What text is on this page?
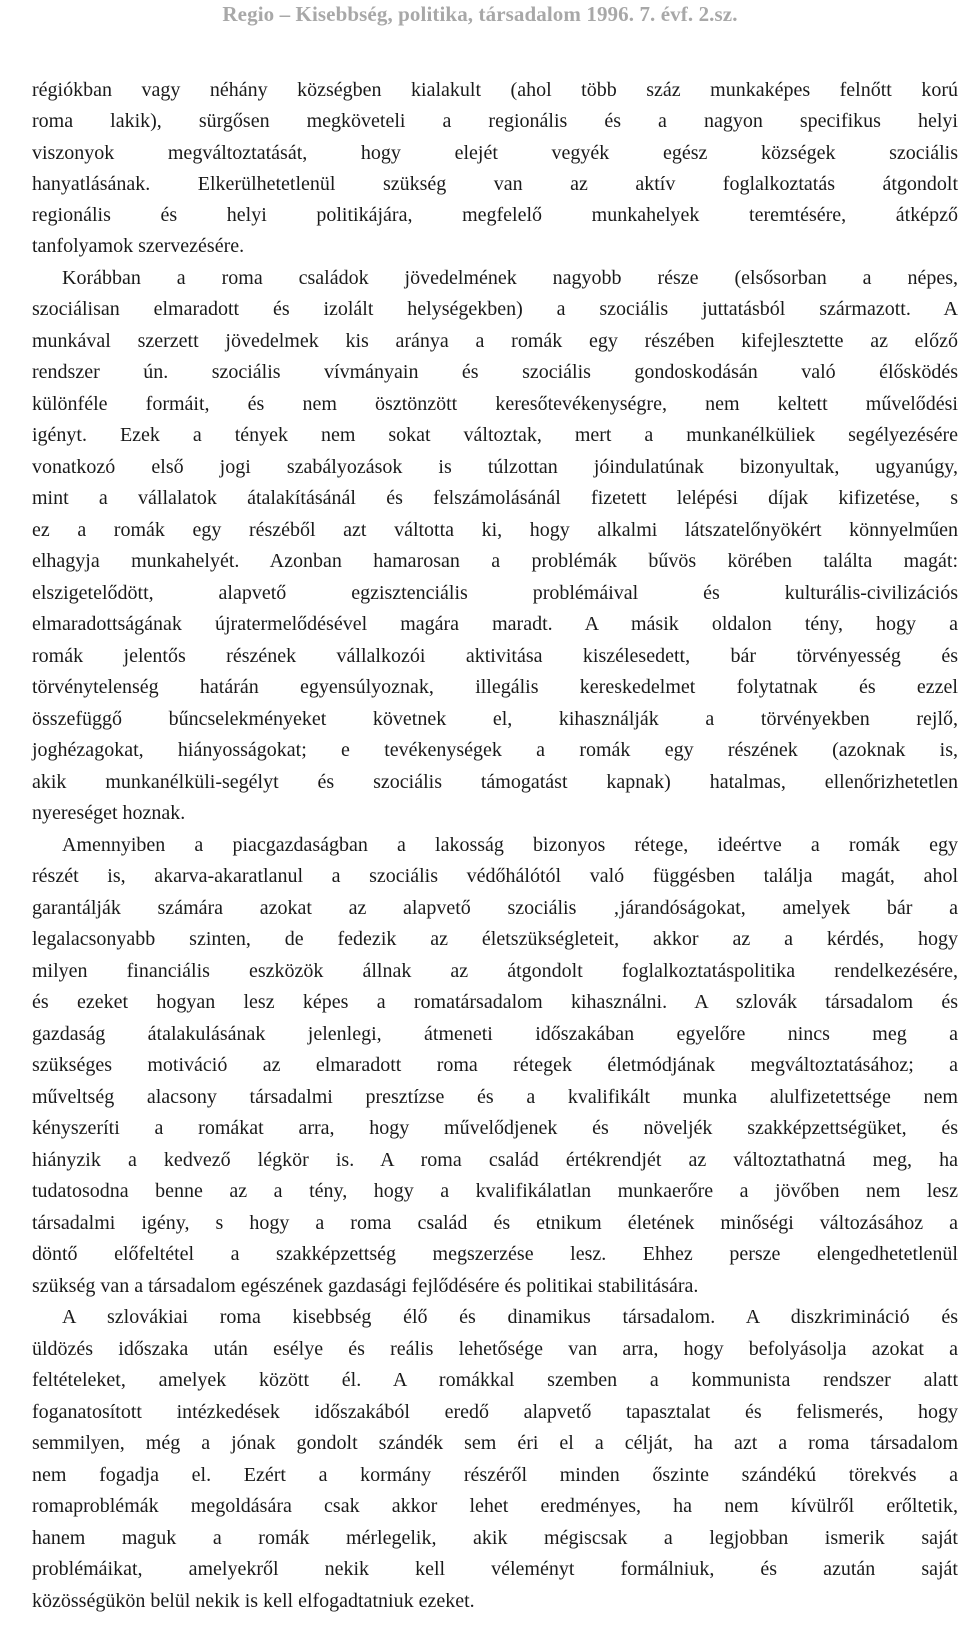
Regio – Kisebbség, politika, társadalom 1996. 7. évf. 2.sz.
régiókban vagy néhány községben kialakult (ahol több száz munkaképes felnőtt korú
roma lakik), sürgősen megköveteli a regionális és a nagyon specifikus helyi
viszonyok megváltoztatását, hogy elejét vegyék egész községek szociális
hanyatlásának. Elkerülhetetlenül szükség van az aktív foglalkoztatás átgondolt
regionális és helyi politikájára, megfelelő munkahelyek teremtésére, átképző
tanfolyamok szervezésére.
Korábban a roma családok jövedelmének nagyobb része (elsősorban a népes,
szociálisan elmaradott és izolált helységekben) a szociális juttatásból származott. A
munkával szerzett jövedelmek kis aránya a romák egy részében kifejlesztette az előző
rendszer ún. szociális vívmányain és szociális gondoskodásán való élősködés
különféle formáit, és nem ösztönzött keresőtevékenységre, nem keltett művelődési
igényt. Ezek a tények nem sokat változtak, mert a munkanélküliek segélyezésére
vonatkozó első jogi szabályozások is túlzottan jóindulatúnak bizonyultak, ugyanúgy,
mint a vállalatok átalakításánál és felszámolásánál fizetett lelépési díjak kifizetése, s
ez a romák egy részéből azt váltotta ki, hogy alkalmi látszatelőnyökért könnyelműen
elhagyja munkahelyét. Azonban hamarosan a problémák bűvös körében találta magát:
elszigetelődött, alapvető egzisztenciális problémáival és kulturális-civilizációs
elmaradottságának újratermelődésével magára maradt. A másik oldalon tény, hogy a
romák jelentős részének vállalkozói aktivitása kiszélesedett, bár törvényesség és
törvénytelenség határán egyensúlyoznak, illegális kereskedelmet folytatnak és ezzel
összefüggő bűncselekményeket követnek el, kihasználják a törvényekben rejlő,
joghézagokat, hiányosságokat; e tevékenységek a romák egy részének (azoknak is,
akik munkanélküli-segélyt és szociális támogatást kapnak) hatalmas, ellenőrizhetetlen
nyereséget hoznak.
Amennyiben a piacgazdaságban a lakosság bizonyos rétege, ideértve a romák egy
részét is, akarva-akaratlanul a szociális védőhálótól való függésben találja magát, ahol
garantálják számára azokat az alapvető szociális ‚járandóságokat, amelyek bár a
legalacsonyabb szinten, de fedezik az életszükségleteit, akkor az a kérdés, hogy
milyen financiális eszközök állnak az átgondolt foglalkoztatáspolitika rendelkezésére,
és ezeket hogyan lesz képes a romatársadalom kihasználni. A szlovák társadalom és
gazdaság átalakulásának jelenlegi, átmeneti időszakában egyelőre nincs meg a
szükséges motiváció az elmaradott roma rétegek életmódjának megváltoztatásához; a
műveltség alacsony társadalmi presztízse és a kvalifikált munka alulfizetettsége nem
kényszeríti a romákat arra, hogy művelődjenek és növeljék szakképzettségüket, és
hiányzik a kedvező légkör is. A roma család értékrendjét az változtathatná meg, ha
tudatosodna benne az a tény, hogy a kvalifikálatlan munkaerőre a jövőben nem lesz
társadalmi igény, s hogy a roma család és etnikum életének minőségi változásához a
döntő előfeltétel a szakképzettség megszerzése lesz. Ehhez persze elengedhetetlenül
szükség van a társadalom egészének gazdasági fejlődésére és politikai stabilitására.
A szlovákiai roma kisebbség élő és dinamikus társadalom. A diszkrimináció és
üldözés időszaka után esélye és reális lehetősége van arra, hogy befolyásolja azokat a
feltételeket, amelyek között él. A romákkal szemben a kommunista rendszer alatt
foganatosított intézkedések időszakából eredő alapvető tapasztalat és felismerés, hogy
semmilyen, még a jónak gondolt szándék sem éri el a célját, ha azt a roma társadalom
nem fogadja el. Ezért a kormány részéről minden őszinte szándékú törekvés a
romaproblémák megoldására csak akkor lehet eredményes, ha nem kívülről erőltetik,
hanem maguk a romák mérlegelik, akik mégiscsak a legjobban ismerik saját
problémáikat, amelyekről nekik kell véleményt formálniuk, és azután saját
közösségükön belül nekik is kell elfogadtatniuk ezeket.
